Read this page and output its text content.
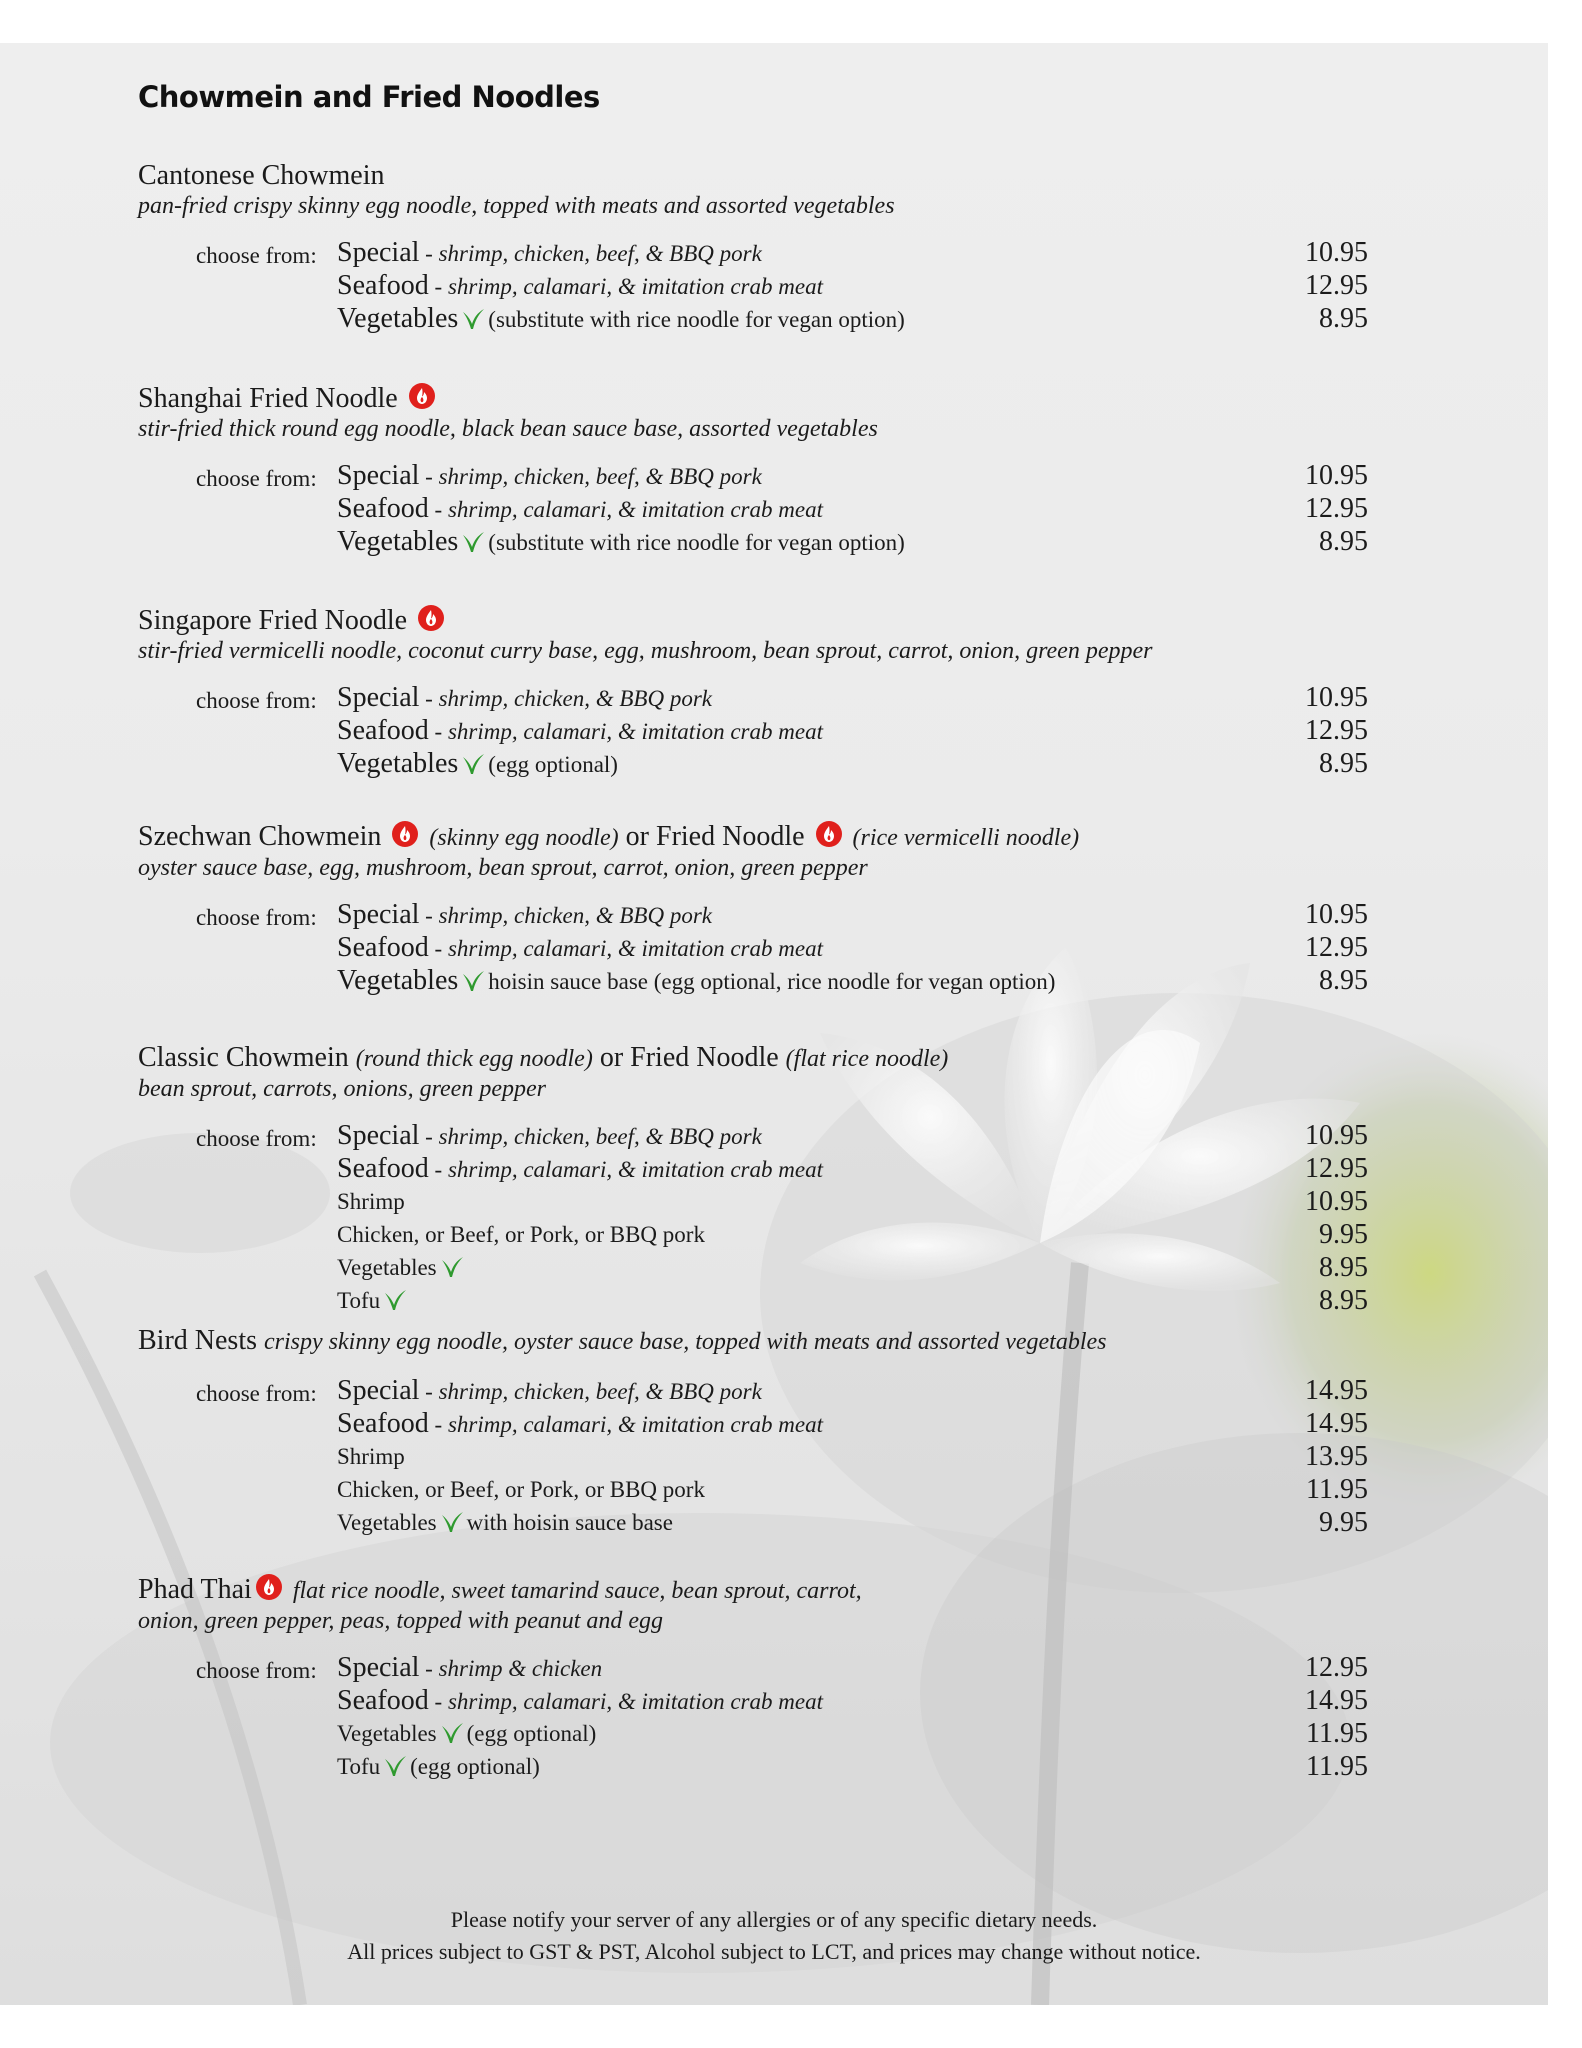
Chowmein and Fried Noodles
Cantonese Chowmein
pan-fried crispy skinny egg noodle, topped with meats and assorted vegetables
choose from: Special - shrimp, chicken, beef, & BBQ pork	10.95
Seafood - shrimp, calamari, & imitation crab meat	12.95
Vegetables (substitute with rice noodle for vegan option)	8.95
Shanghai Fried Noodle
stir-fried thick round egg noodle, black bean sauce base, assorted vegetables
choose from: Special - shrimp, chicken, beef, & BBQ pork	10.95
Seafood - shrimp, calamari, & imitation crab meat	12.95
Vegetables (substitute with rice noodle for vegan option)	8.95
Singapore Fried Noodle
stir-fried vermicelli noodle, coconut curry base, egg, mushroom, bean sprout, carrot, onion, green pepper
choose from: Special - shrimp, chicken, & BBQ pork	10.95
Seafood - shrimp, calamari, & imitation crab meat	12.95
Vegetables (egg optional)	8.95
Szechwan Chowmein (skinny egg noodle) or Fried Noodle (rice vermicelli noodle)
oyster sauce base, egg, mushroom, bean sprout, carrot, onion, green pepper
choose from: Special - shrimp, chicken, & BBQ pork	10.95
Seafood - shrimp, calamari, & imitation crab meat	12.95
Vegetables hoisin sauce base (egg optional, rice noodle for vegan option)	8.95
Classic Chowmein (round thick egg noodle) or Fried Noodle (flat rice noodle)
bean sprout, carrots, onions, green pepper
choose from: Special - shrimp, chicken, beef, & BBQ pork	10.95
Seafood - shrimp, calamari, & imitation crab meat	12.95
Shrimp	10.95
Chicken, or Beef, or Pork, or BBQ pork	9.95
Vegetables	8.95
Tofu	8.95
Bird Nests crispy skinny egg noodle, oyster sauce base, topped with meats and assorted vegetables
choose from: Special - shrimp, chicken, beef, & BBQ pork	14.95
Seafood - shrimp, calamari, & imitation crab meat	14.95
Shrimp	13.95
Chicken, or Beef, or Pork, or BBQ pork	11.95
Vegetables with hoisin sauce base	9.95
Phad Thai flat rice noodle, sweet tamarind sauce, bean sprout, carrot,
onion, green pepper, peas, topped with peanut and egg
choose from: Special - shrimp & chicken	12.95
Seafood - shrimp, calamari, & imitation crab meat	14.95
Vegetables (egg optional)	11.95
Tofu (egg optional)	11.95
Please notify your server of any allergies or of any specific dietary needs.
All prices subject to GST & PST, Alcohol subject to LCT, and prices may change without notice.
